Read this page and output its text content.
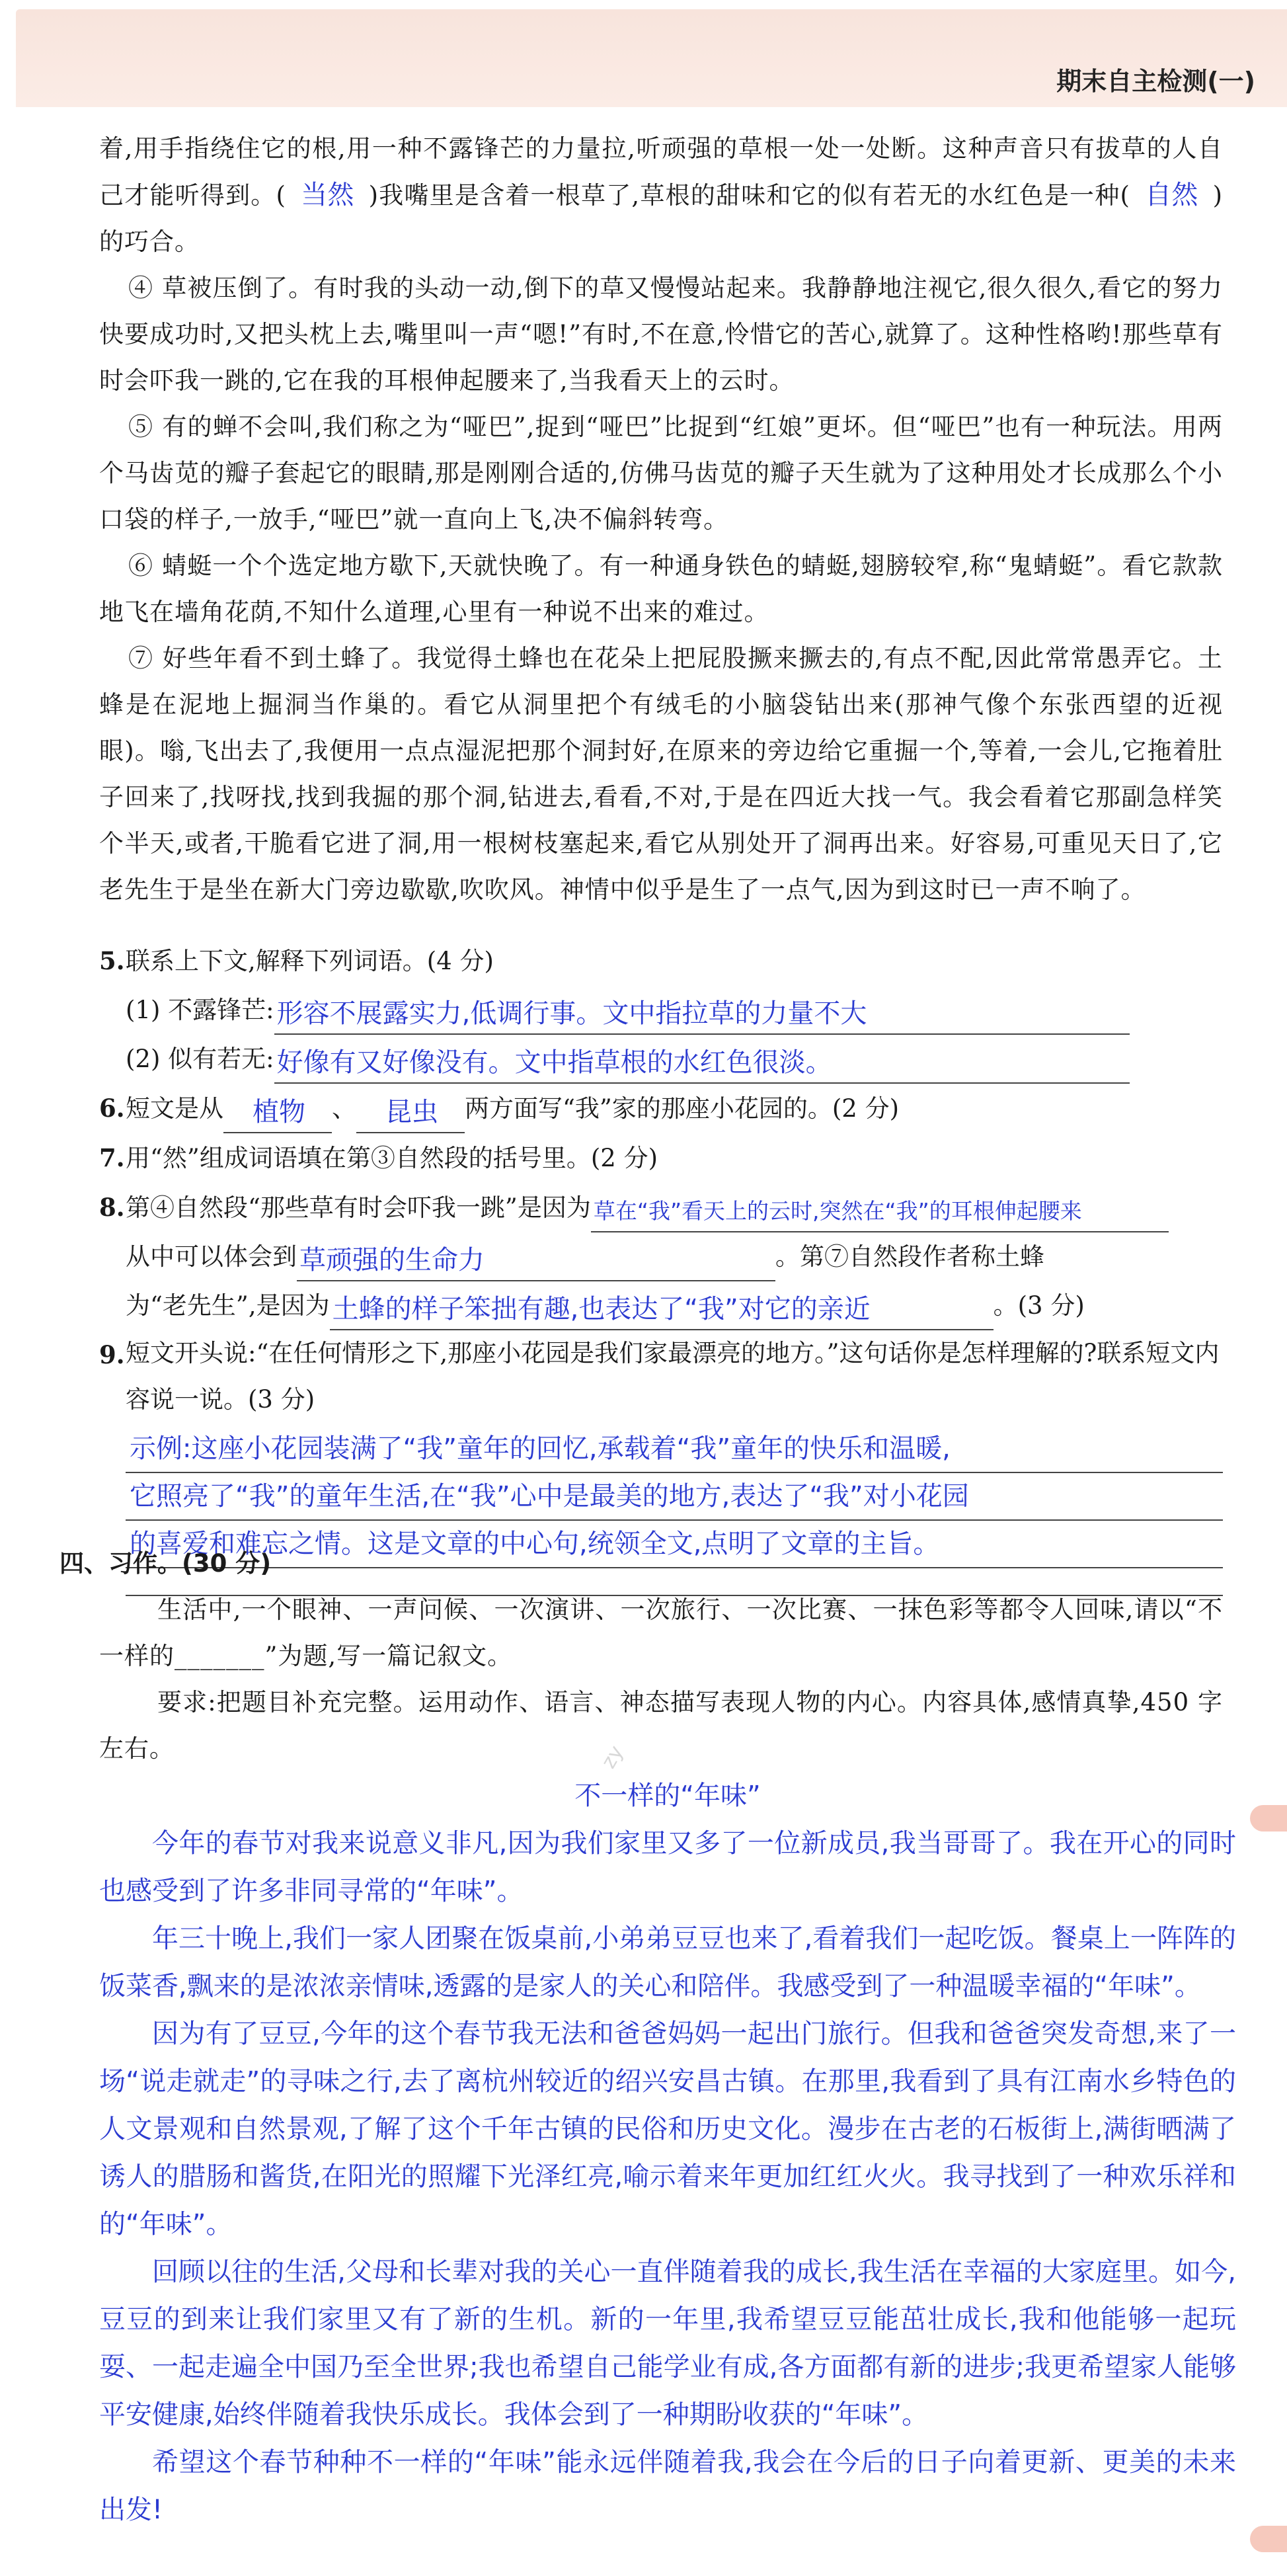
期末自主检测(一)

着,用手指绕住它的根,用一种不露锋芒的力量拉,听顽强的草根一处一处断。这种声音只有拔草的人自己才能听得到。( 当然 )我嘴里是含着一根草了,草根的甜味和它的似有若无的水红色是一种( 自然 )的巧合。

④ 草被压倒了。有时我的头动一动,倒下的草又慢慢站起来。我静静地注视它,很久很久,看它的努力快要成功时,又把头枕上去,嘴里叫一声“嗯!”有时,不在意,怜惜它的苦心,就算了。这种性格哟!那些草有时会吓我一跳的,它在我的耳根伸起腰来了,当我看天上的云时。

⑤ 有的蝉不会叫,我们称之为“哑巴”,捉到“哑巴”比捉到“红娘”更坏。但“哑巴”也有一种玩法。用两个马齿苋的瓣子套起它的眼睛,那是刚刚合适的,仿佛马齿苋的瓣子天生就为了这种用处才长成那么个小口袋的样子,一放手,“哑巴”就一直向上飞,决不偏斜转弯。

⑥ 蜻蜓一个个选定地方歇下,天就快晚了。有一种通身铁色的蜻蜓,翅膀较窄,称“鬼蜻蜓”。看它款款地飞在墙角花荫,不知什么道理,心里有一种说不出来的难过。

⑦ 好些年看不到土蜂了。我觉得土蜂也在花朵上把屁股撅来撅去的,有点不配,因此常常愚弄它。土蜂是在泥地上掘洞当作巢的。看它从洞里把个有绒毛的小脑袋钻出来(那神气像个东张西望的近视眼)。嗡,飞出去了,我便用一点点湿泥把那个洞封好,在原来的旁边给它重掘一个,等着,一会儿,它拖着肚子回来了,找呀找,找到我掘的那个洞,钻进去,看看,不对,于是在四近大找一气。我会看着它那副急样笑个半天,或者,干脆看它进了洞,用一根树枝塞起来,看它从别处开了洞再出来。好容易,可重见天日了,它老先生于是坐在新大门旁边歇歇,吹吹风。神情中似乎是生了一点气,因为到这时已一声不响了。

5.联系上下文,解释下列词语。(4 分)
(1) 不露锋芒: 形容不展露实力,低调行事。文中指拉草的力量不大
(2) 似有若无: 好像有又好像没有。文中指草根的水红色很淡。
6.短文是从 植物 、 昆虫 两方面写“我”家的那座小花园的。(2 分)
7.用“然”组成词语填在第③自然段的括号里。(2 分)
8.第④自然段“那些草有时会吓我一跳”是因为 草在“我”看天上的云时,突然在“我”的耳根伸起腰来
从中可以体会到 草顽强的生命力	。第⑦自然段作者称土蜂
为“老先生”,是因为 土蜂的样子笨拙有趣,也表达了“我”对它的亲近	。(3 分)
9. 短文开头说:“在任何情形之下,那座小花园是我们家最漂亮的地方。”这句话你是怎样理解的?联系短文内容说一说。(3 分)
示例:这座小花园装满了“我”童年的回忆,承载着“我”童年的快乐和温暖,
它照亮了“我”的童年生活,在“我”心中是最美的地方,表达了“我”对小花园
的喜爱和难忘之情。这是文章的中心句,统领全文,点明了文章的主旨。
四、习作。(30 分)

生活中,一个眼神、一声问候、一次演讲、一次旅行、一次比赛、一抹色彩等都令人回味,请以“不一样的_______”为题,写一篇记叙文。

要求:把题目补充完整。运用动作、语言、神态描写表现人物的内心。内容具体,感情真挚,450 字左右。	zy
不一样的“年味”

今年的春节对我来说意义非凡,因为我们家里又多了一位新成员,我当哥哥了。我在开心的同时也感受到了许多非同寻常的“年味”。

年三十晚上,我们一家人团聚在饭桌前,小弟弟豆豆也来了,看着我们一起吃饭。餐桌上一阵阵的饭菜香,飘来的是浓浓亲情味,透露的是家人的关心和陪伴。我感受到了一种温暖幸福的“年味”。

因为有了豆豆,今年的这个春节我无法和爸爸妈妈一起出门旅行。但我和爸爸突发奇想,来了一场“说走就走”的寻味之行,去了离杭州较近的绍兴安昌古镇。在那里,我看到了具有江南水乡特色的人文景观和自然景观,了解了这个千年古镇的民俗和历史文化。漫步在古老的石板街上,满街晒满了诱人的腊肠和酱货,在阳光的照耀下光泽红亮,喻示着来年更加红红火火。我寻找到了一种欢乐祥和的“年味”。

回顾以往的生活,父母和长辈对我的关心一直伴随着我的成长,我生活在幸福的大家庭里。如今,豆豆的到来让我们家里又有了新的生机。新的一年里,我希望豆豆能茁壮成长,我和他能够一起玩耍、一起走遍全中国乃至全世界;我也希望自己能学业有成,各方面都有新的进步;我更希望家人能够平安健康,始终伴随着我快乐成长。我体会到了一种期盼收获的“年味”。

希望这个春节种种不一样的“年味”能永远伴随着我,我会在今后的日子向着更新、更美的未来出发!
